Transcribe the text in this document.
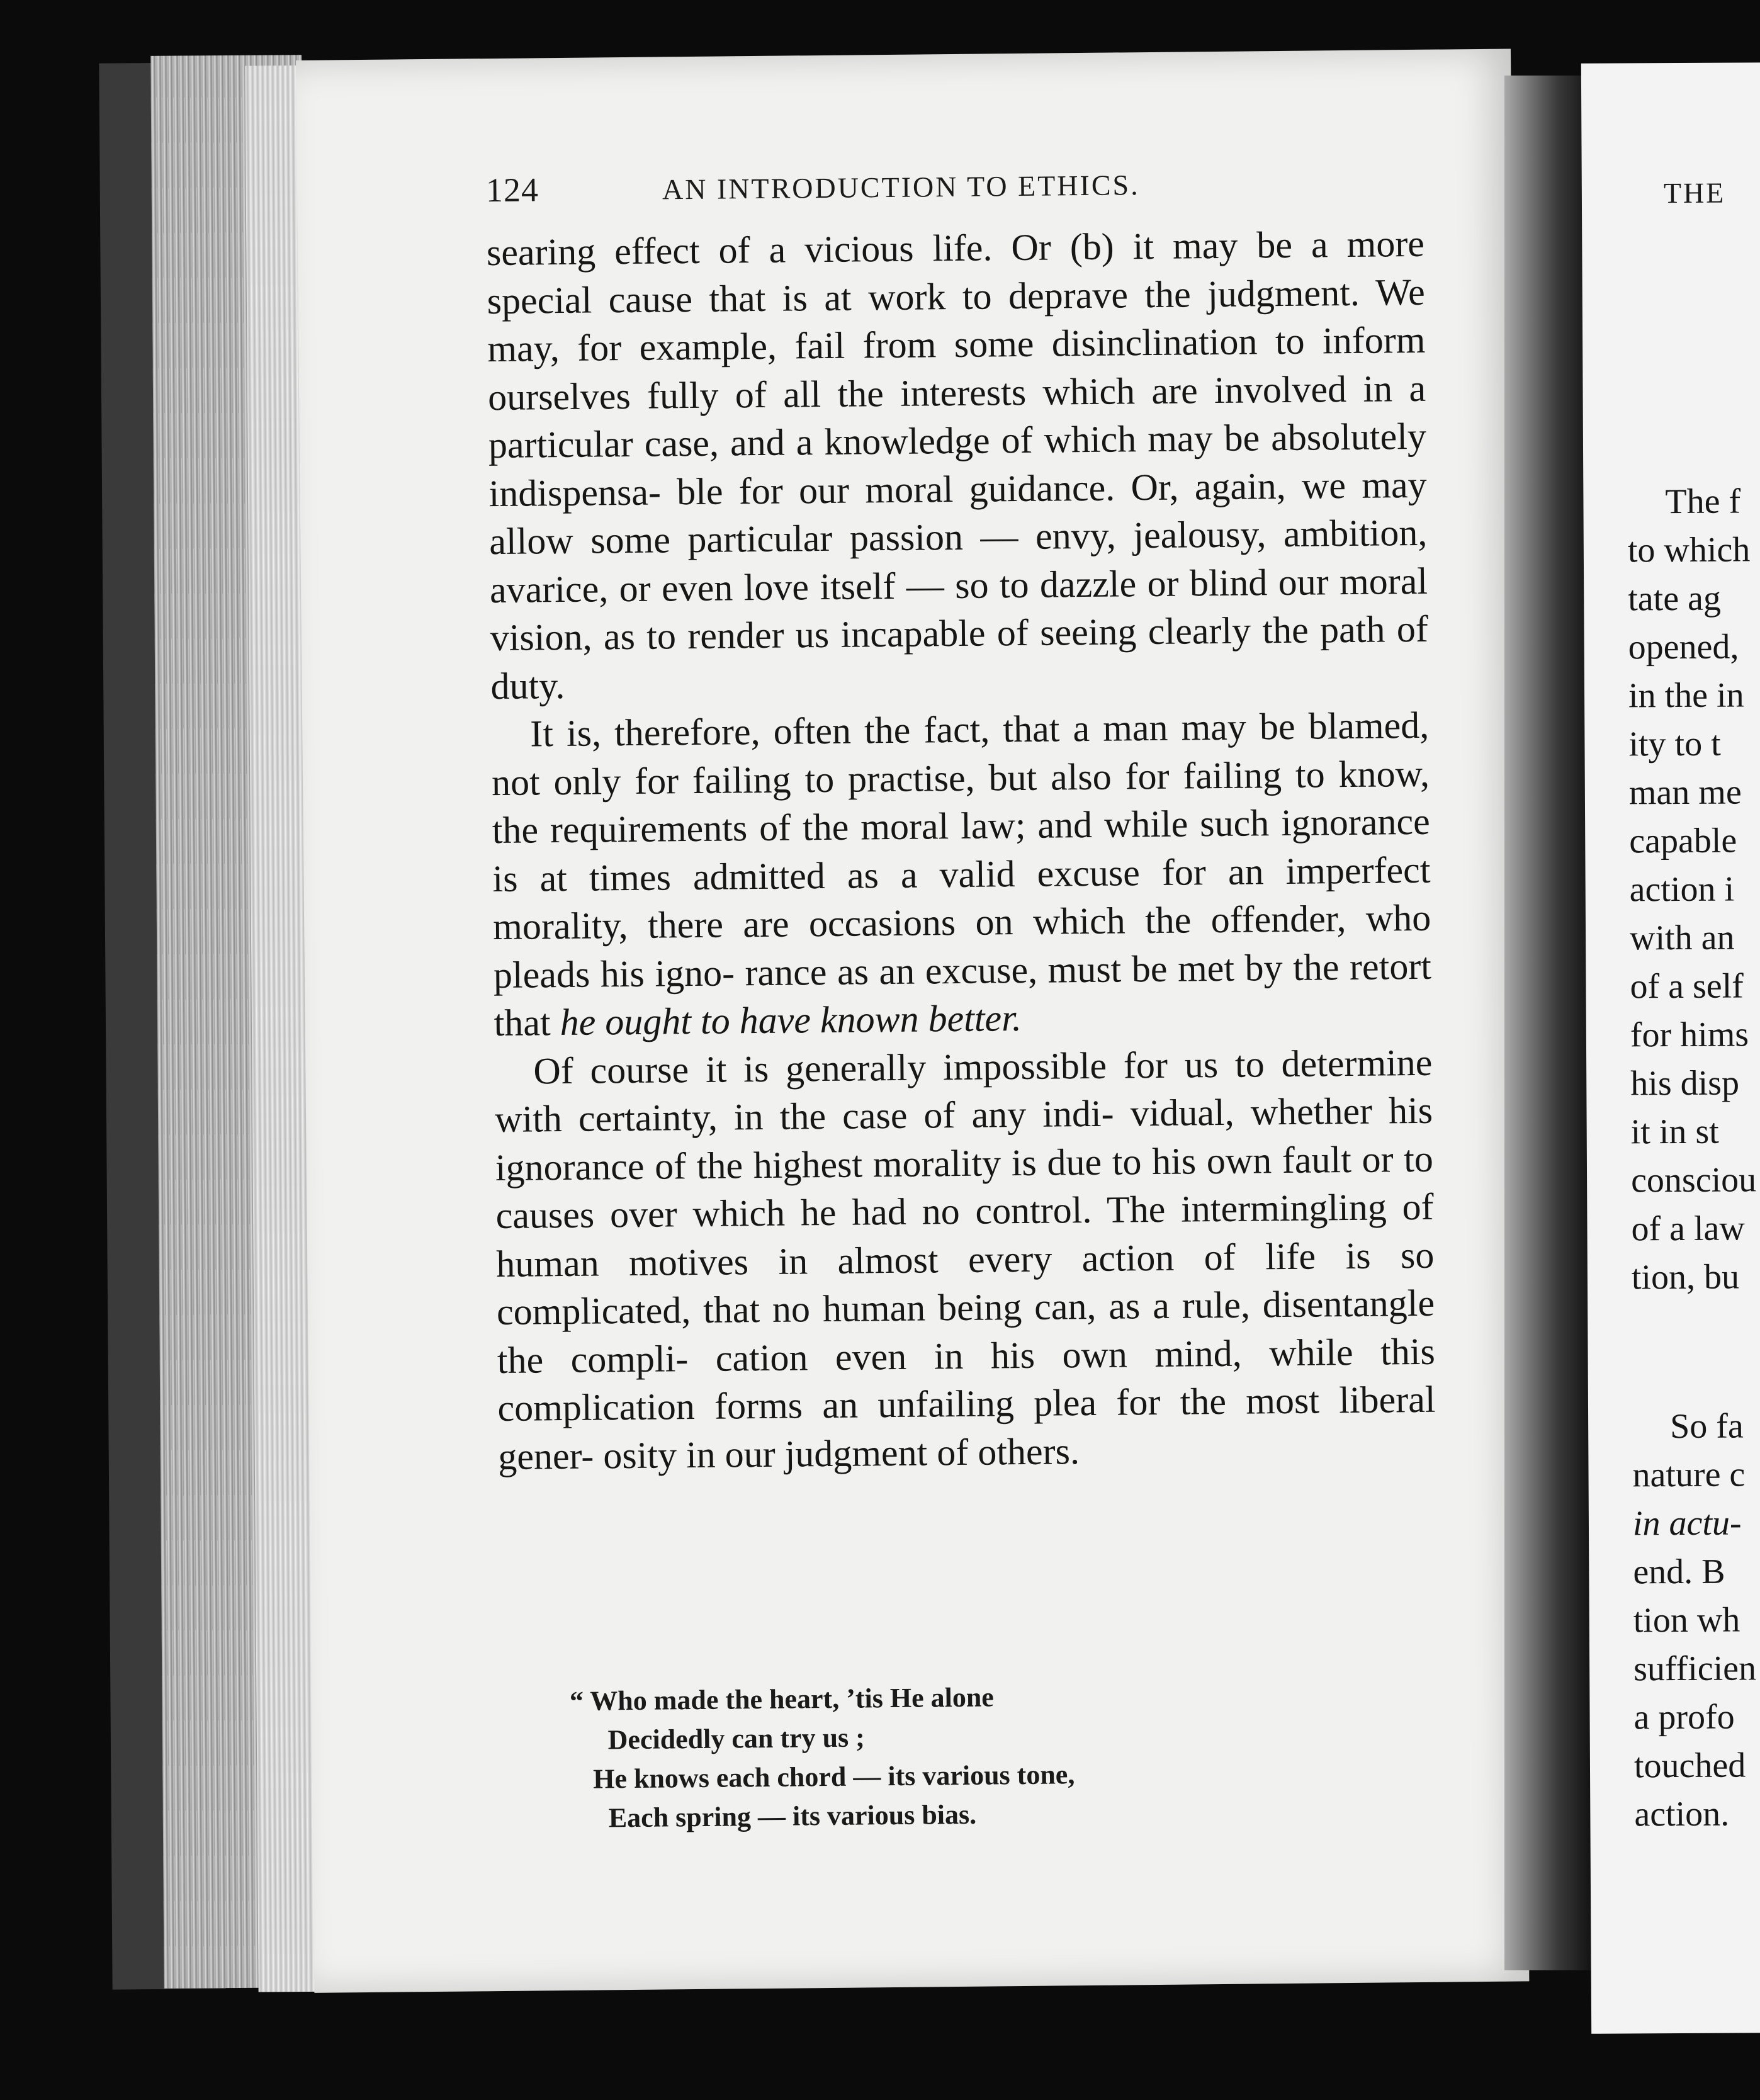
124	AN INTRODUCTION TO ETHICS.

searing effect of a vicious life. Or (b) it may be a more special cause that is at work to deprave the judgment. We may, for example, fail from some disinclination to inform ourselves fully of all the interests which are involved in a particular case, and a knowledge of which may be absolutely indispensa- ble for our moral guidance. Or, again, we may allow some particular passion — envy, jealousy, ambition, avarice, or even love itself — so to dazzle or blind our moral vision, as to render us incapable of seeing clearly the path of duty.

It is, therefore, often the fact, that a man may be blamed, not only for failing to practise, but also for failing to know, the requirements of the moral law; and while such ignorance is at times admitted as a valid excuse for an imperfect morality, there are occasions on which the offender, who pleads his igno- rance as an excuse, must be met by the retort that he ought to have known better.

Of course it is generally impossible for us to determine with certainty, in the case of any indi- vidual, whether his ignorance of the highest morality is due to his own fault or to causes over which he had no control. The intermingling of human motives in almost every action of life is so complicated, that no human being can, as a rule, disentangle the compli- cation even in his own mind, while this complication forms an unfailing plea for the most liberal gener- osity in our judgment of others.

“ Who made the heart, ’tis He alone
Decidedly can try us ;
He knows each chord — its various tone,
Each spring — its various bias.
THE
The f
to which
tate ag
opened,
in the in
ity to t
man me
capable
action i
with an
of a self
for hims
his disp
it in st
consciou
of a law
tion, bu
So fa
nature c
in actu-
end. B
tion wh
sufficien
a profo
touched
action.
